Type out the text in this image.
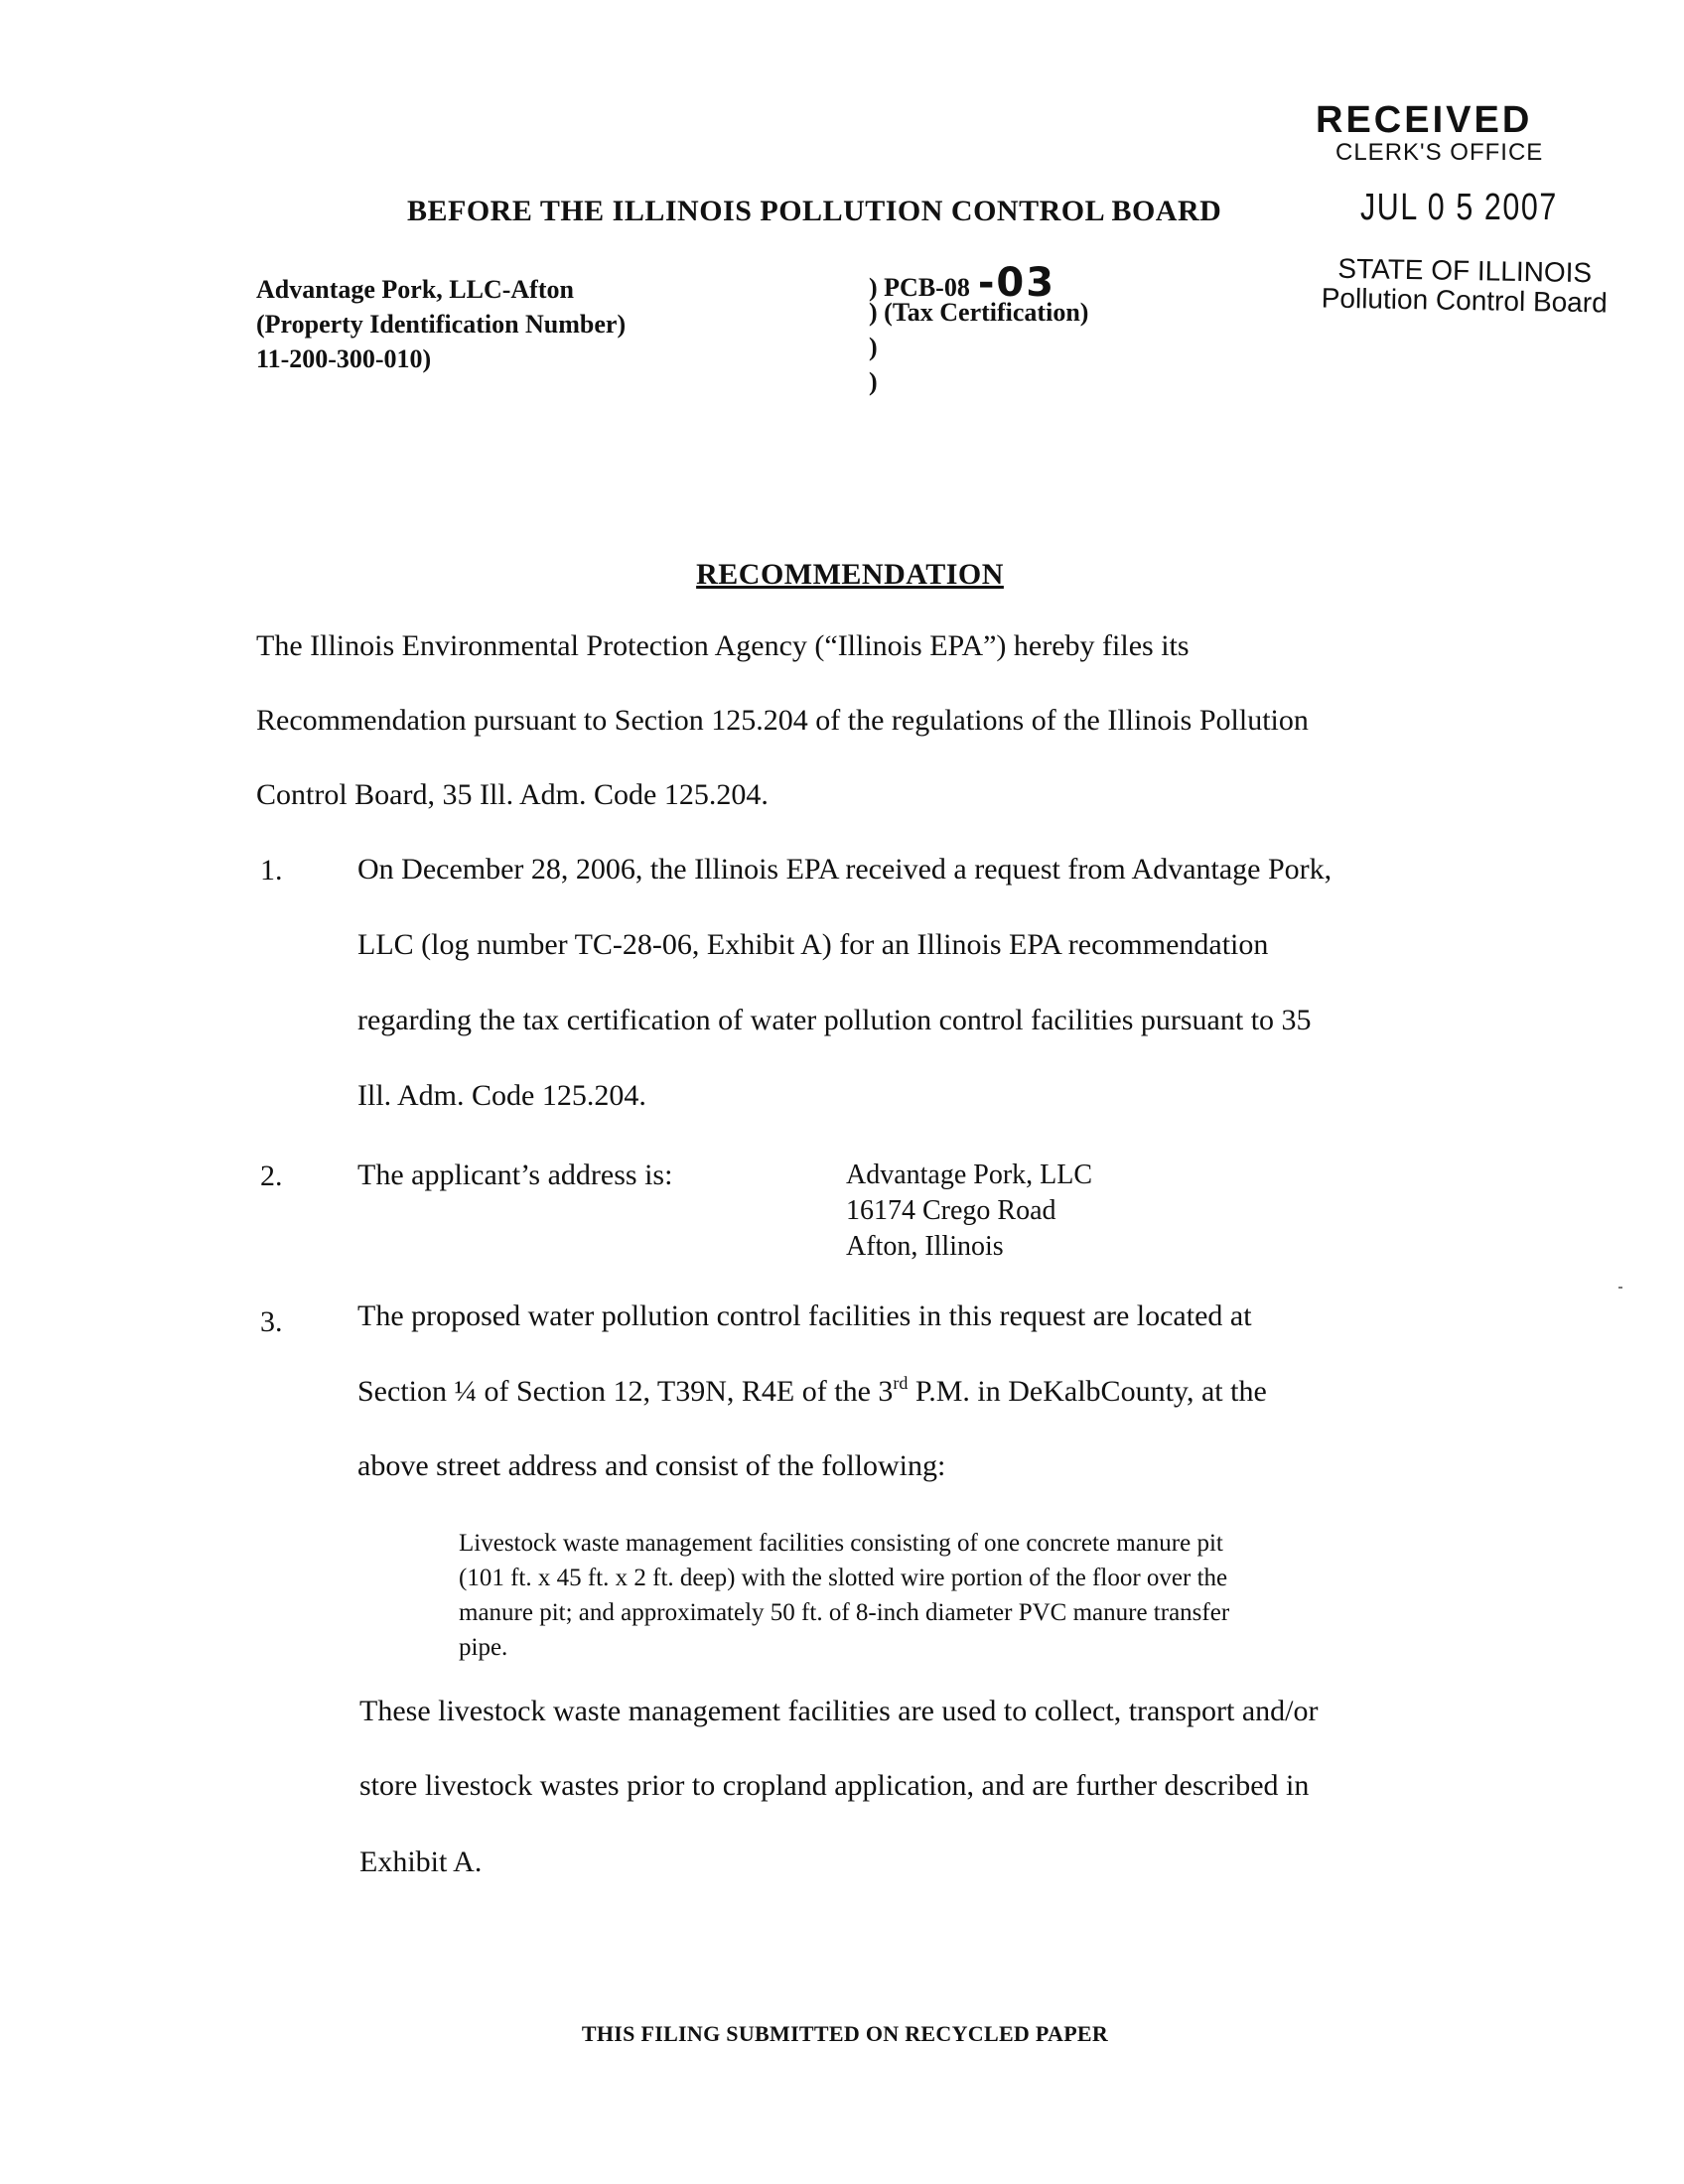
RECEIVED
CLERK'S OFFICE
JUL 0 5 2007
STATE OF ILLINOIS
Pollution Control Board
BEFORE THE ILLINOIS POLLUTION CONTROL BOARD
Advantage Pork, LLC-Afton
(Property Identification Number)
11-200-300-010)
) PCB-08 -03
) (Tax Certification)
)
)
RECOMMENDATION
The Illinois Environmental Protection Agency (“Illinois EPA”) hereby files its
Recommendation pursuant to Section 125.204 of the regulations of the Illinois Pollution
Control Board, 35 Ill. Adm. Code 125.204.
1.	On December 28, 2006, the Illinois EPA received a request from Advantage Pork,
LLC (log number TC-28-06, Exhibit A) for an Illinois EPA recommendation
regarding the tax certification of water pollution control facilities pursuant to 35
Ill. Adm. Code 125.204.
2.	The applicant’s address is:	Advantage Pork, LLC
16174 Crego Road
Afton, Illinois
3.	The proposed water pollution control facilities in this request are located at
Section ¼ of Section 12, T39N, R4E of the 3rd P.M. in DeKalbCounty, at the
above street address and consist of the following:
Livestock waste management facilities consisting of one concrete manure pit
(101 ft. x 45 ft. x 2 ft. deep) with the slotted wire portion of the floor over the
manure pit; and approximately 50 ft. of 8-inch diameter PVC manure transfer
pipe.
These livestock waste management facilities are used to collect, transport and/or
store livestock wastes prior to cropland application, and are further described in
Exhibit A.
THIS FILING SUBMITTED ON RECYCLED PAPER
